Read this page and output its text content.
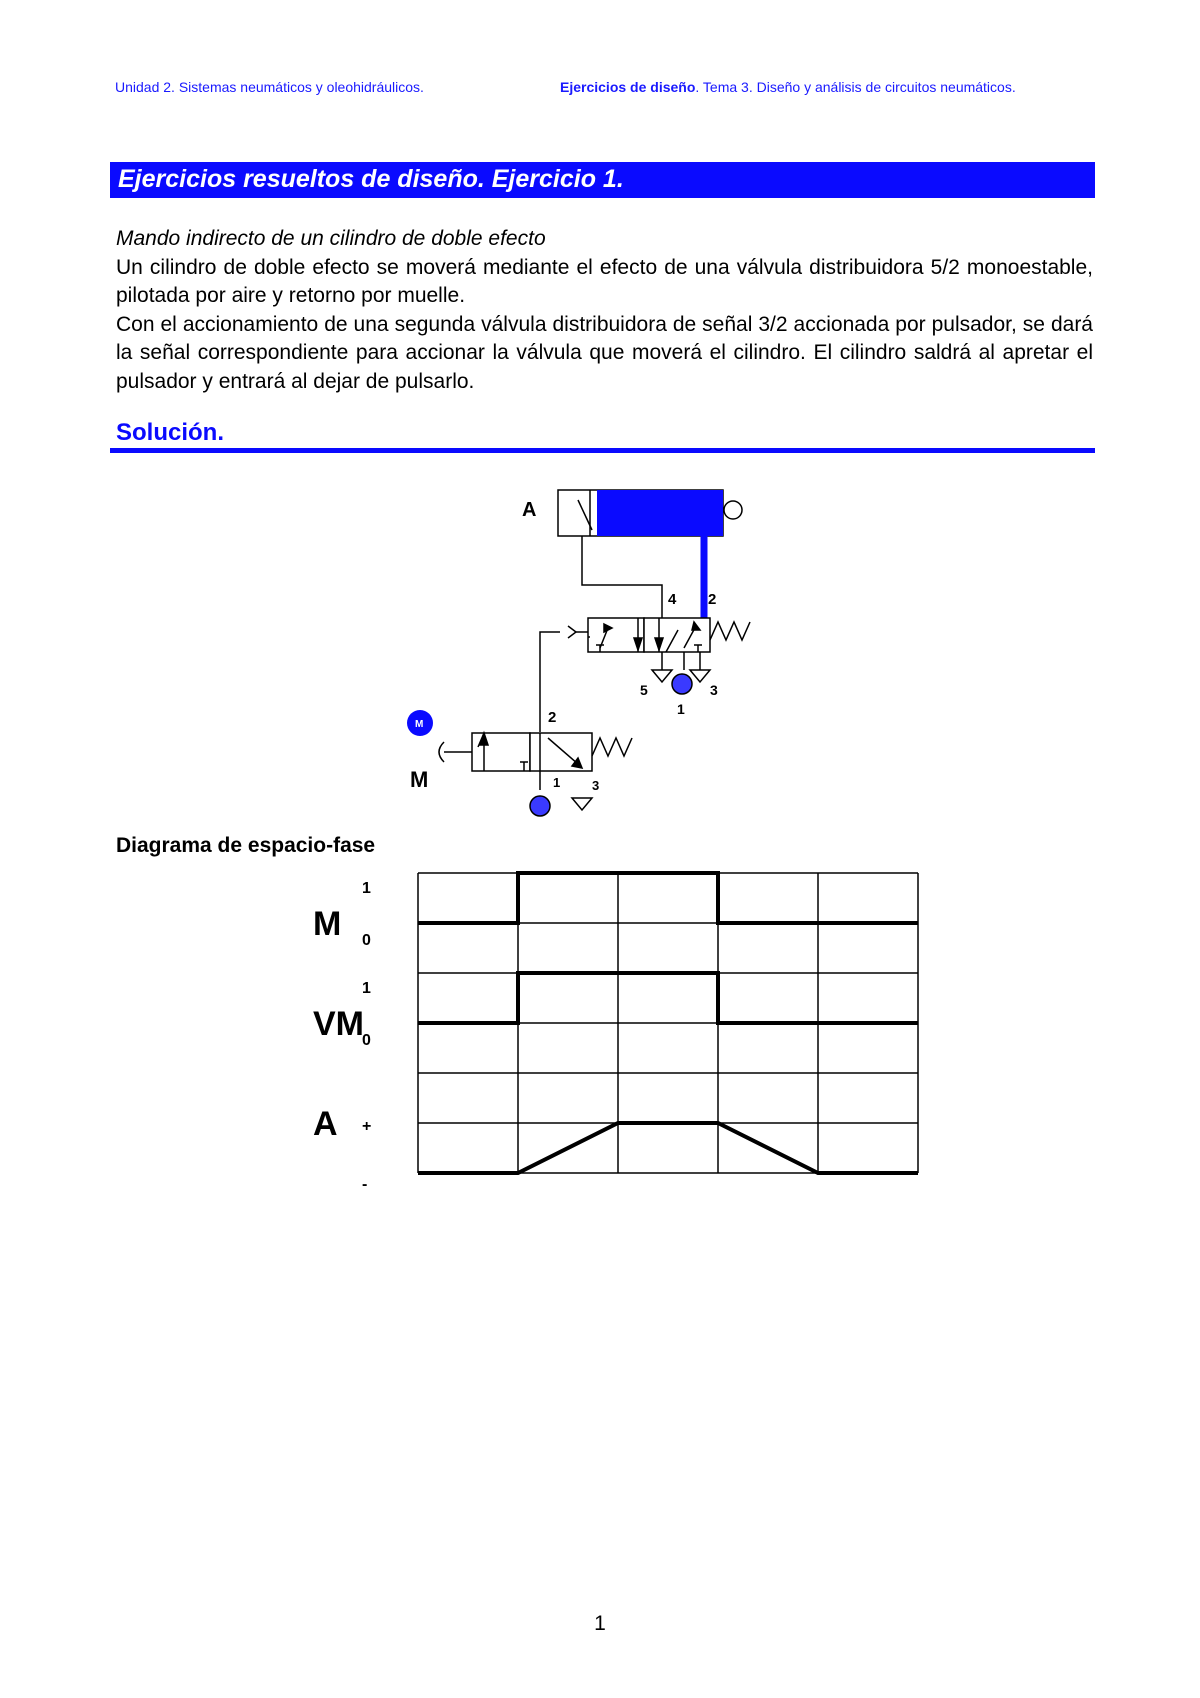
Unidad 2. Sistemas neumáticos y oleohidráulicos.	Ejercicios de diseño. Tema 3. Diseño y análisis de circuitos neumáticos.
Ejercicios resueltos de diseño. Ejercicio 1.

Mando indirecto de un cilindro de doble efecto

Un cilindro de doble efecto se moverá mediante el efecto de una válvula distribuidora 5/2 monoestable, pilotada por aire y retorno por muelle.

Con el accionamiento de una segunda válvula distribuidora de señal 3/2 accionada por pulsador, se dará la señal correspondiente para accionar la válvula que moverá el cilindro. El cilindro saldrá al apretar el pulsador y entrará al dejar de pulsarlo.

Solución.
A
4 2
5	3
1
2
1 3
M
M
Diagrama de espacio-fase
M
1
0
VM
1
0
A +
-
1
